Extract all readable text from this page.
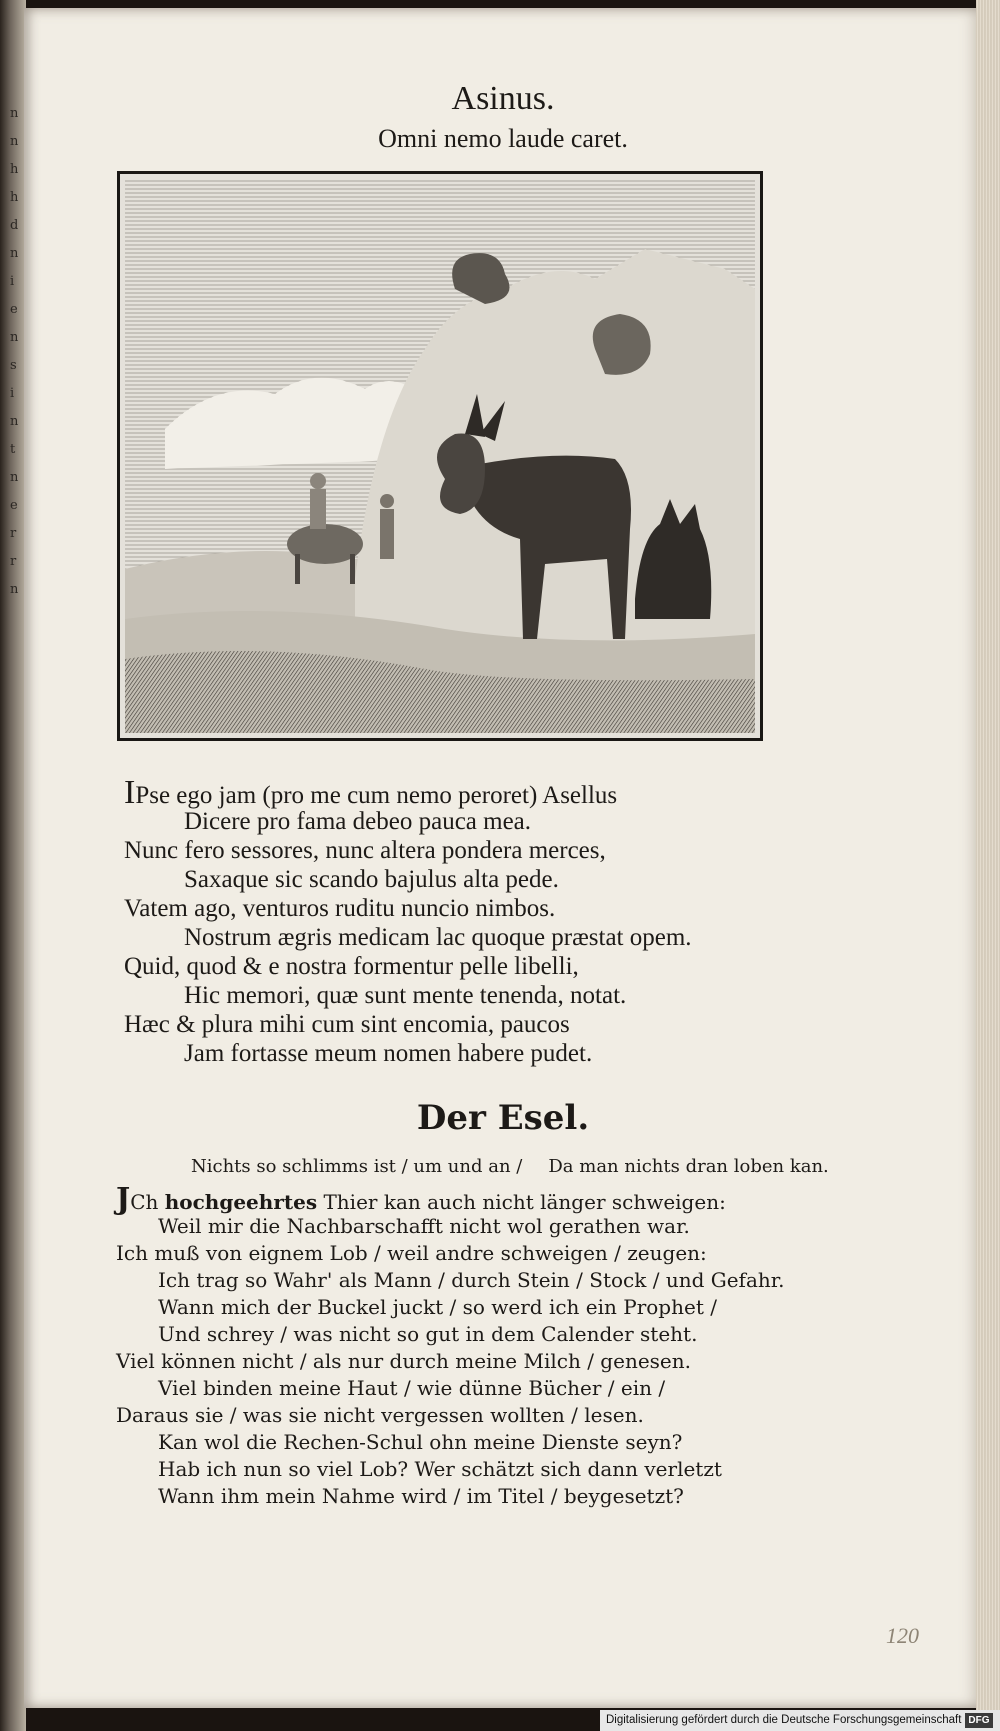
n
n
h
h
d
n
i
e
n
s
i
n
t
n
e
r
r
n
Asinus.
Omni nemo laude caret.
IPse ego jam (pro me cum nemo peroret) Asellus
Dicere pro fama debeo pauca mea.
Nunc fero sessores, nunc altera pondera merces,
Saxaque sic scando bajulus alta pede.
Vatem ago, venturos ruditu nuncio nimbos.
Nostrum ægris medicam lac quoque præstat opem.
Quid, quod & e nostra formentur pelle libelli,
Hic memori, quæ sunt mente tenenda, notat.
Hæc & plura mihi cum sint encomia, paucos
Jam fortasse meum nomen habere pudet.
Der Esel.
Nichts so schlimms ist / um und an / Da man nichts dran loben kan.
JCh hochgeehrtes Thier kan auch nicht länger schweigen:
Weil mir die Nachbarschafft nicht wol gerathen war.
Ich muß von eignem Lob / weil andre schweigen / zeugen:
Ich trag so Wahr' als Mann / durch Stein / Stock / und Gefahr.
Wann mich der Buckel juckt / so werd ich ein Prophet /
Und schrey / was nicht so gut in dem Calender steht.
Viel können nicht / als nur durch meine Milch / genesen.
Viel binden meine Haut / wie dünne Bücher / ein /
Daraus sie / was sie nicht vergessen wollten / lesen.
Kan wol die Rechen-Schul ohn meine Dienste seyn?
Hab ich nun so viel Lob? Wer schätzt sich dann verletzt
Wann ihm mein Nahme wird / im Titel / beygesetzt?
120
Digitalisierung gefördert durch die Deutsche Forschungsgemeinschaft DFG
